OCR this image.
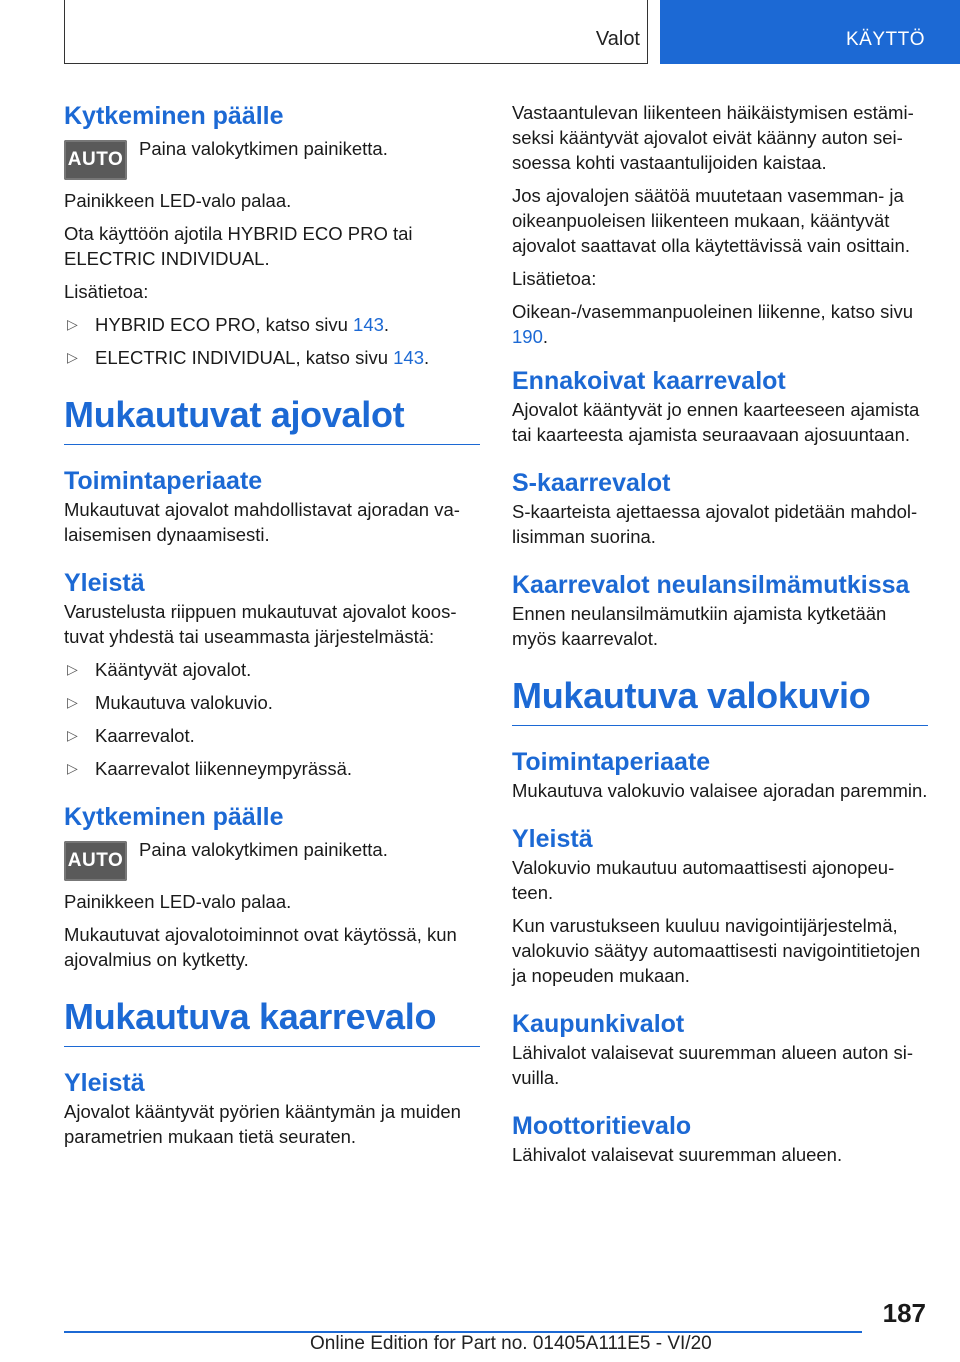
Valot	KÄYTTÖ
Kytkeminen päälle
AUTO

Paina valokytkimen painiketta.

Painikkeen LED-valo palaa.

Ota käyttöön ajotila HYBRID ECO PRO tai ELECTRIC INDIVIDUAL.

Lisätietoa:

▷ HYBRID ECO PRO, katso sivu 143.
▷ ELECTRIC INDIVIDUAL, katso sivu 143.
Mukautuvat ajovalot
Toimintaperiaate

Mukautuvat ajovalot mahdollistavat ajoradan valaisemisen dynaamisesti.

Yleistä

Varustelusta riippuen mukautuvat ajovalot koostuvat yhdestä tai useammasta järjestelmästä:

▷ Kääntyvät ajovalot.
▷ Mukautuva valokuvio.
▷ Kaarrevalot.
▷ Kaarrevalot liikenneympyrässä.
Kytkeminen päälle
AUTO

Paina valokytkimen painiketta.

Painikkeen LED-valo palaa.

Mukautuvat ajovalotoiminnot ovat käytössä, kun ajovalmius on kytketty.

Mukautuva kaarrevalo
Yleistä

Ajovalot kääntyvät pyörien kääntymän ja muiden parametrien mukaan tietä seuraten.

Vastaantulevan liikenteen häikäistymisen estämiseksi kääntyvät ajovalot eivät käänny auton seisoessa kohti vastaantulijoiden kaistaa.

Jos ajovalojen säätöä muutetaan vasemman- ja oikeanpuoleisen liikenteen mukaan, kääntyvät ajovalot saattavat olla käytettävissä vain osittain.

Lisätietoa:

Oikean-/vasemmanpuoleinen liikenne, katso sivu 190.

Ennakoivat kaarrevalot

Ajovalot kääntyvät jo ennen kaarteeseen ajamista tai kaarteesta ajamista seuraavaan ajosuuntaan.

S-kaarrevalot

S-kaarteista ajettaessa ajovalot pidetään mahdollisimman suorina.

Kaarrevalot neulansilmämutkissa

Ennen neulansilmämutkiin ajamista kytketään myös kaarrevalot.

Mukautuva valokuvio
Toimintaperiaate

Mukautuva valokuvio valaisee ajoradan paremmin.

Yleistä

Valokuvio mukautuu automaattisesti ajonopeuteen.

Kun varustukseen kuuluu navigointijärjestelmä, valokuvio säätyy automaattisesti navigointitietojen ja nopeuden mukaan.

Kaupunkivalot

Lähivalot valaisevat suuremman alueen auton sivuilla.

Moottoritievalo

Lähivalot valaisevat suuremman alueen.

187
Online Edition for Part no. 01405A111E5 - VI/20
